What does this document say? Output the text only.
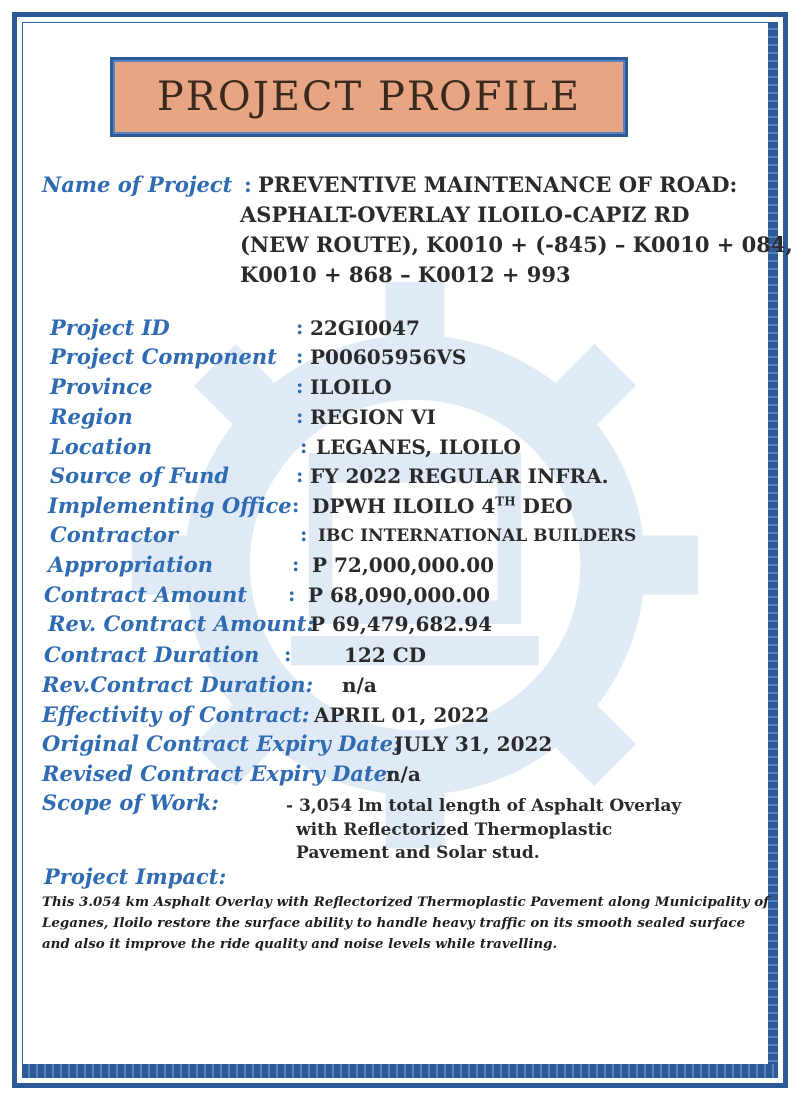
PROJECT PROFILE
Name of Project : PREVENTIVE MAINTENANCE OF ROAD:
ASPHALT-OVERLAY ILOILO-CAPIZ RD
(NEW ROUTE), K0010 + (-845) – K0010 + 084,
K0010 + 868 – K0012 + 993
Project ID	: 22GI0047
Project Component : P00605956VS
Province	: ILOILO
Region	: REGION VI
Location	: LEGANES, ILOILO
Source of Fund	: FY 2022 REGULAR INFRA.
Implementing Office : DPWH ILOILO 4TH DEO
Contractor	: IBC INTERNATIONAL BUILDERS
Appropriation	: P 72,000,000.00
Contract Amount : P 68,090,000.00
Rev. Contract Amount:
P 69,479,682.94
Contract Duration :	122 CD
Rev.Contract Duration: n/a
Effectivity of Contract: APRIL 01, 2022
Original Contract Expiry Date:
JULY 31, 2022
Revised Contract Expiry Date:
n/a
Scope of Work:	- 3,054 lm total length of Asphalt Overlay
with Reflectorized Thermoplastic
Pavement and Solar stud.
Project Impact:
This 3.054 km Asphalt Overlay with Reflectorized Thermoplastic Pavement along Municipality of Leganes, Iloilo restore the surface ability to handle heavy traffic on its smooth sealed surface and also it improve the ride quality and noise levels while travelling.
